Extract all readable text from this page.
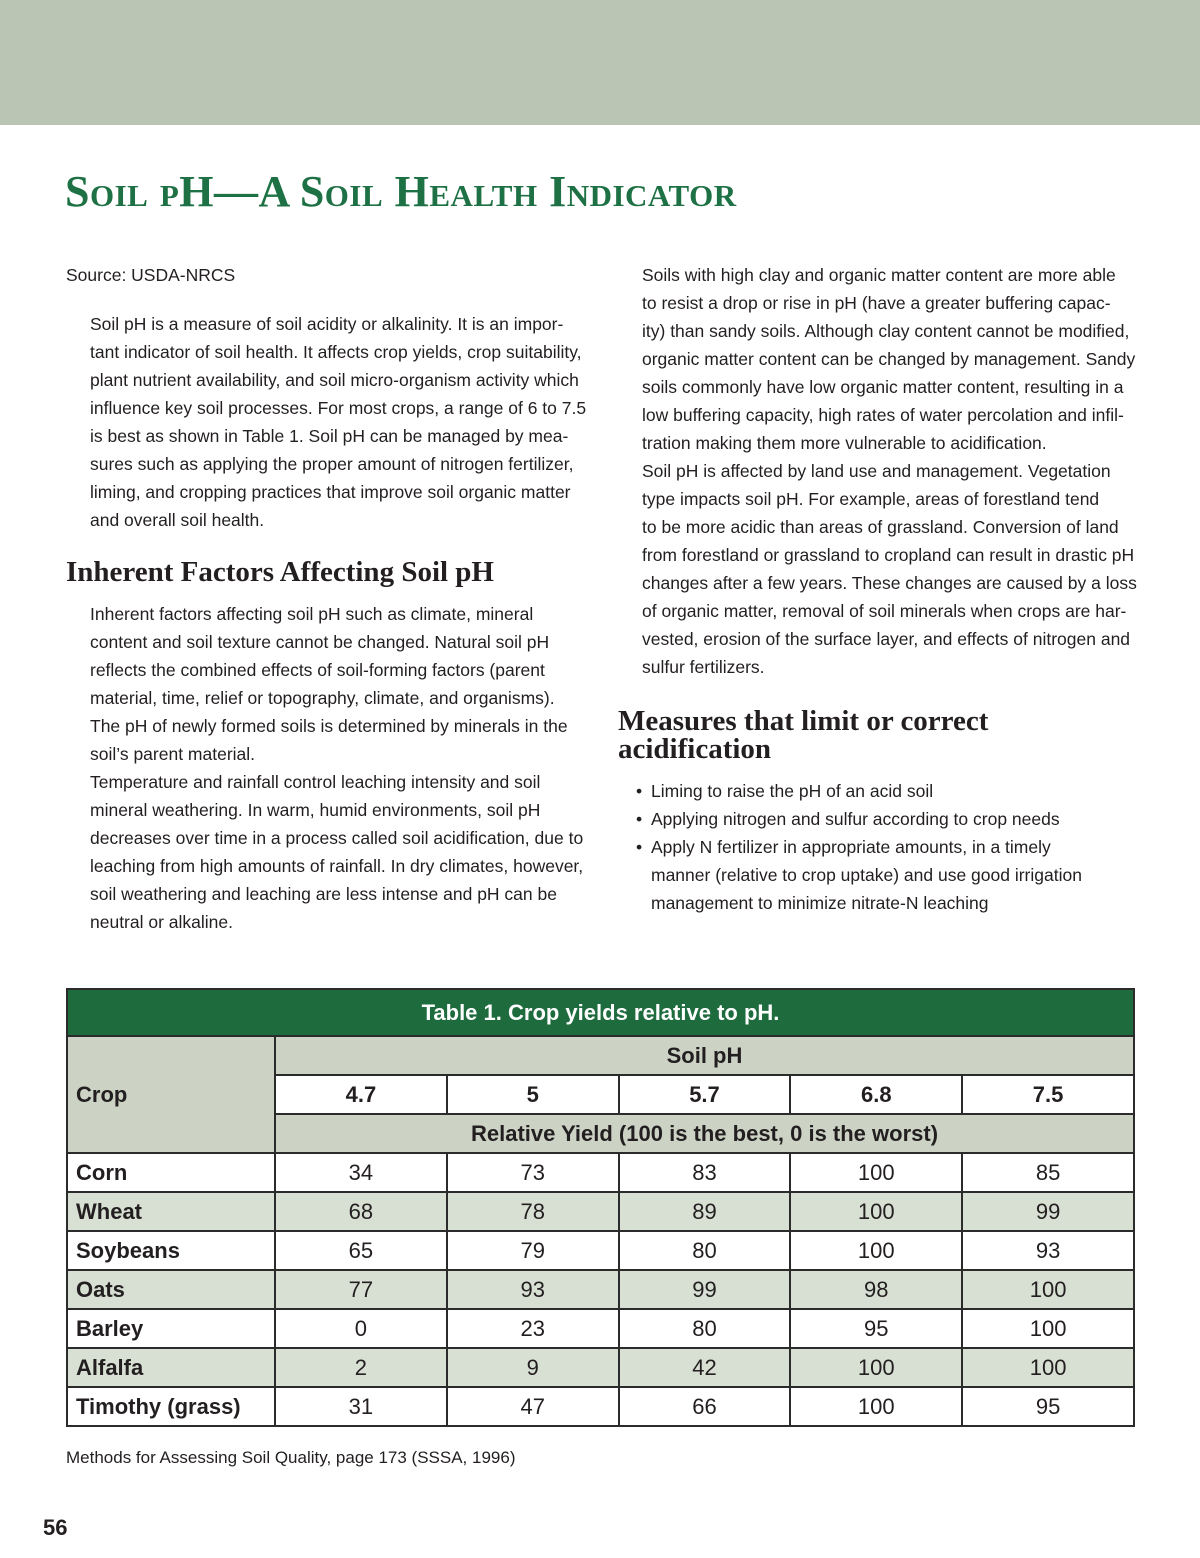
Soil pH—A Soil Health Indicator

Source: USDA-NRCS

Soil pH is a measure of soil acidity or alkalinity. It is an impor-
tant indicator of soil health. It affects crop yields, crop suitability,
plant nutrient availability, and soil micro-organism activity which
influence key soil processes. For most crops, a range of 6 to 7.5
is best as shown in Table 1. Soil pH can be managed by mea-
sures such as applying the proper amount of nitrogen fertilizer,
liming, and cropping practices that improve soil organic matter
and overall soil health.

Inherent Factors Affecting Soil pH

Inherent factors affecting soil pH such as climate, mineral
content and soil texture cannot be changed. Natural soil pH
reflects the combined effects of soil-forming factors (parent
material, time, relief or topography, climate, and organisms).
The pH of newly formed soils is determined by minerals in the
soil’s parent material.

Temperature and rainfall control leaching intensity and soil
mineral weathering. In warm, humid environments, soil pH
decreases over time in a process called soil acidification, due to
leaching from high amounts of rainfall. In dry climates, however,
soil weathering and leaching are less intense and pH can be
neutral or alkaline.

Soils with high clay and organic matter content are more able
to resist a drop or rise in pH (have a greater buffering capac-
ity) than sandy soils. Although clay content cannot be modified,
organic matter content can be changed by management. Sandy
soils commonly have low organic matter content, resulting in a
low buffering capacity, high rates of water percolation and infil-
tration making them more vulnerable to acidification.

Soil pH is affected by land use and management. Vegetation
type impacts soil pH. For example, areas of forestland tend
to be more acidic than areas of grassland. Conversion of land
from forestland or grassland to cropland can result in drastic pH
changes after a few years. These changes are caused by a loss
of organic matter, removal of soil minerals when crops are har-
vested, erosion of the surface layer, and effects of nitrogen and
sulfur fertilizers.

Measures that limit or correct
acidification
• Liming to raise the pH of an acid soil
• Applying nitrogen and sulfur according to crop needs
• Apply N fertilizer in appropriate amounts, in a timely
manner (relative to crop uptake) and use good irrigation
management to minimize nitrate-N leaching
Table 1. Crop yields relative to pH.					
Crop	Soil pH				
	4.7	5	5.7	6.8	7.5
	Relative Yield (100 is the best, 0 is the worst)				
Corn	34	73	83	100	85
Wheat	68	78	89	100	99
Soybeans	65	79	80	100	93
Oats	77	93	99	98	100
Barley	0	23	80	95	100
Alfalfa	2	9	42	100	100
Timothy (grass)	31	47	66	100	95
Methods for Assessing Soil Quality, page 173 (SSSA, 1996)
56
